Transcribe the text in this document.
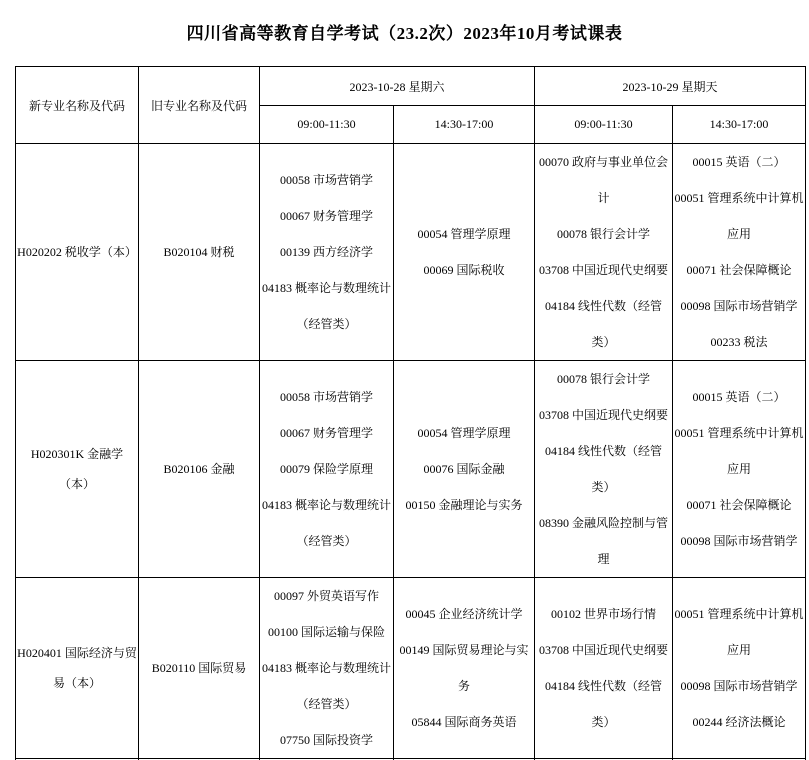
四川省高等教育自学考试（23.2次）2023年10月考试课表
新专业名称及代码	旧专业名称及代码	2023-10-28 星期六		2023-10-29 星期天	
		09:00-11:30	14:30-17:00	09:00-11:30	14:30-17:00
H020202 税收学（本）	B020104 财税	
00058 市场营销学
00067 财务管理学
00139 西方经济学
04183 概率论与数理统计（经管类）

00054 管理学原理
00069 国际税收

00070 政府与事业单位会计
00078 银行会计学
03708 中国近现代史纲要
04184 线性代数（经管类）

00015 英语（二）
00051 管理系统中计算机应用
00071 社会保障概论
00098 国际市场营销学
00233 税法

H020301K 金融学（本）	B020106 金融	
00058 市场营销学
00067 财务管理学
00079 保险学原理
04183 概率论与数理统计（经管类）

00054 管理学原理
00076 国际金融
00150 金融理论与实务

00078 银行会计学
03708 中国近现代史纲要
04184 线性代数（经管类）
08390 金融风险控制与管理

00015 英语（二）
00051 管理系统中计算机应用
00071 社会保障概论
00098 国际市场营销学

H020401 国际经济与贸易（本）	B020110 国际贸易	
00097 外贸英语写作
00100 国际运输与保险
04183 概率论与数理统计（经管类）
07750 国际投资学

00045 企业经济统计学
00149 国际贸易理论与实务
05844 国际商务英语

00102 世界市场行情
03708 中国近现代史纲要
04184 线性代数（经管类）

00051 管理系统中计算机应用
00098 国际市场营销学
00244 经济法概论
